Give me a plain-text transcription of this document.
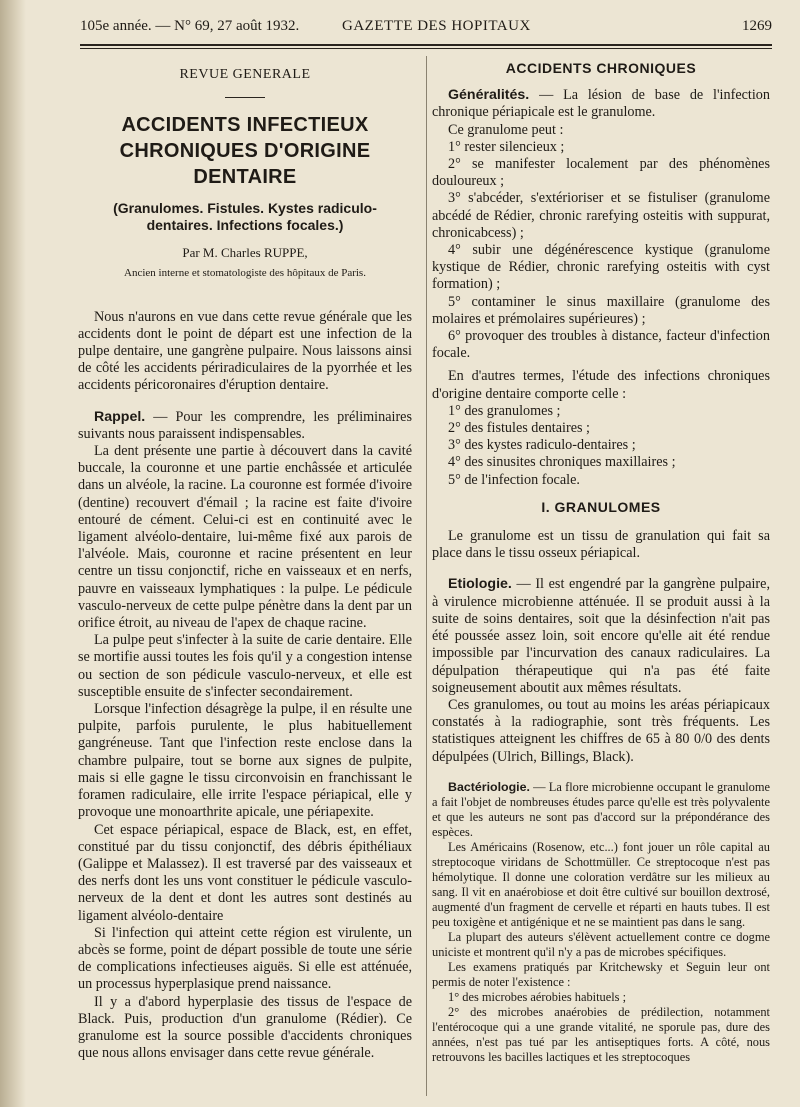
105e année. — N° 69, 27 août 1932.	GAZETTE DES HOPITAUX	1269
REVUE GENERALE
ACCIDENTS INFECTIEUX CHRONIQUES D'ORIGINE DENTAIRE
(Granulomes. Fistules. Kystes radiculo-dentaires. Infections focales.)
Par M. Charles RUPPE,
Ancien interne et stomatologiste des hôpitaux de Paris.

Nous n'aurons en vue dans cette revue générale que les accidents dont le point de départ est une infection de la pulpe dentaire, une gangrène pulpaire. Nous laissons ainsi de côté les accidents périradiculaires de la pyorrhée et les accidents péricoronaires d'éruption dentaire.

Rappel. — Pour les comprendre, les préliminaires suivants nous paraissent indispensables.

La dent présente une partie à découvert dans la cavité buccale, la couronne et une partie enchâssée et articulée dans un alvéole, la racine. La couronne est formée d'ivoire (dentine) recouvert d'émail ; la racine est faite d'ivoire entouré de cément. Celui-ci est en continuité avec le ligament alvéolo-dentaire, lui-même fixé aux parois de l'alvéole. Mais, couronne et racine présentent en leur centre un tissu conjonctif, riche en vaisseaux et en nerfs, pauvre en vaisseaux lymphatiques : la pulpe. Le pédicule vasculo-nerveux de cette pulpe pénètre dans la dent par un orifice étroit, au niveau de l'apex de chaque racine.

La pulpe peut s'infecter à la suite de carie dentaire. Elle se mortifie aussi toutes les fois qu'il y a congestion intense ou section de son pédicule vasculo-nerveux, et elle est susceptible ensuite de s'infecter secondairement.

Lorsque l'infection désagrège la pulpe, il en résulte une pulpite, parfois purulente, le plus habituellement gangréneuse. Tant que l'infection reste enclose dans la chambre pulpaire, tout se borne aux signes de pulpite, mais si elle gagne le tissu circonvoisin en franchissant le foramen radiculaire, elle irrite l'espace périapical, elle y provoque une monoarthrite apicale, une périapexite.

Cet espace périapical, espace de Black, est, en effet, constitué par du tissu conjonctif, des débris épithéliaux (Galippe et Malassez). Il est traversé par des vaisseaux et des nerfs dont les uns vont constituer le pédicule vasculo-nerveux de la dent et dont les autres sont destinés au ligament alvéolo-dentaire

Si l'infection qui atteint cette région est virulente, un abcès se forme, point de départ possible de toute une série de complications infectieuses aiguës. Si elle est atténuée, un processus hyperplasique prend naissance.

Il y a d'abord hyperplasie des tissus de l'espace de Black. Puis, production d'un granulome (Rédier). Ce granulome est la source possible d'accidents chroniques que nous allons envisager dans cette revue générale.

ACCIDENTS CHRONIQUES

Généralités. — La lésion de base de l'infection chronique périapicale est le granulome.

Ce granulome peut :

1° rester silencieux ;

2° se manifester localement par des phénomènes douloureux ;

3° s'abcéder, s'extérioriser et se fistuliser (granulome abcédé de Rédier, chronic rarefying osteitis with suppurat, chronicabcess) ;

4° subir une dégénérescence kystique (granulome kystique de Rédier, chronic rarefying osteitis with cyst formation) ;

5° contaminer le sinus maxillaire (granulome des molaires et prémolaires supérieures) ;

6° provoquer des troubles à distance, facteur d'infection focale.

En d'autres termes, l'étude des infections chroniques d'origine dentaire comporte celle :

1° des granulomes ;

2° des fistules dentaires ;

3° des kystes radiculo-dentaires ;

4° des sinusites chroniques maxillaires ;

5° de l'infection focale.

I. GRANULOMES

Le granulome est un tissu de granulation qui fait sa place dans le tissu osseux périapical.

Etiologie. — Il est engendré par la gangrène pulpaire, à virulence microbienne atténuée. Il se produit aussi à la suite de soins dentaires, soit que la désinfection n'ait pas été poussée assez loin, soit encore qu'elle ait été rendue impossible par l'incurvation des canaux radiculaires. La dépulpation thérapeutique qui n'a pas été faite soigneusement aboutit aux mêmes résultats.

Ces granulomes, ou tout au moins les aréas périapicaux constatés à la radiographie, sont très fréquents. Les statistiques atteignent les chiffres de 65 à 80 0/0 des dents dépulpées (Ulrich, Billings, Black).

Bactériologie. — La flore microbienne occupant le granulome a fait l'objet de nombreuses études parce qu'elle est très polyvalente et que les auteurs ne sont pas d'accord sur la prépondérance des espèces.

Les Américains (Rosenow, etc...) font jouer un rôle capital au streptocoque viridans de Schottmüller. Ce streptocoque n'est pas hémolytique. Il donne une coloration verdâtre sur les milieux au sang. Il vit en anaérobiose et doit être cultivé sur bouillon dextrosé, augmenté d'un fragment de cervelle et réparti en hauts tubes. Il est peu toxigène et antigénique et ne se maintient pas dans le sang.

La plupart des auteurs s'élèvent actuellement contre ce dogme uniciste et montrent qu'il n'y a pas de microbes spécifiques.

Les examens pratiqués par Kritchewsky et Seguin leur ont permis de noter l'existence :

1° des microbes aérobies habituels ;

2° des microbes anaérobies de prédilection, notamment l'entérocoque qui a une grande vitalité, ne sporule pas, dure des années, n'est pas tué par les antiseptiques forts. A côté, nous retrouvons les bacilles lactiques et les streptocoques
